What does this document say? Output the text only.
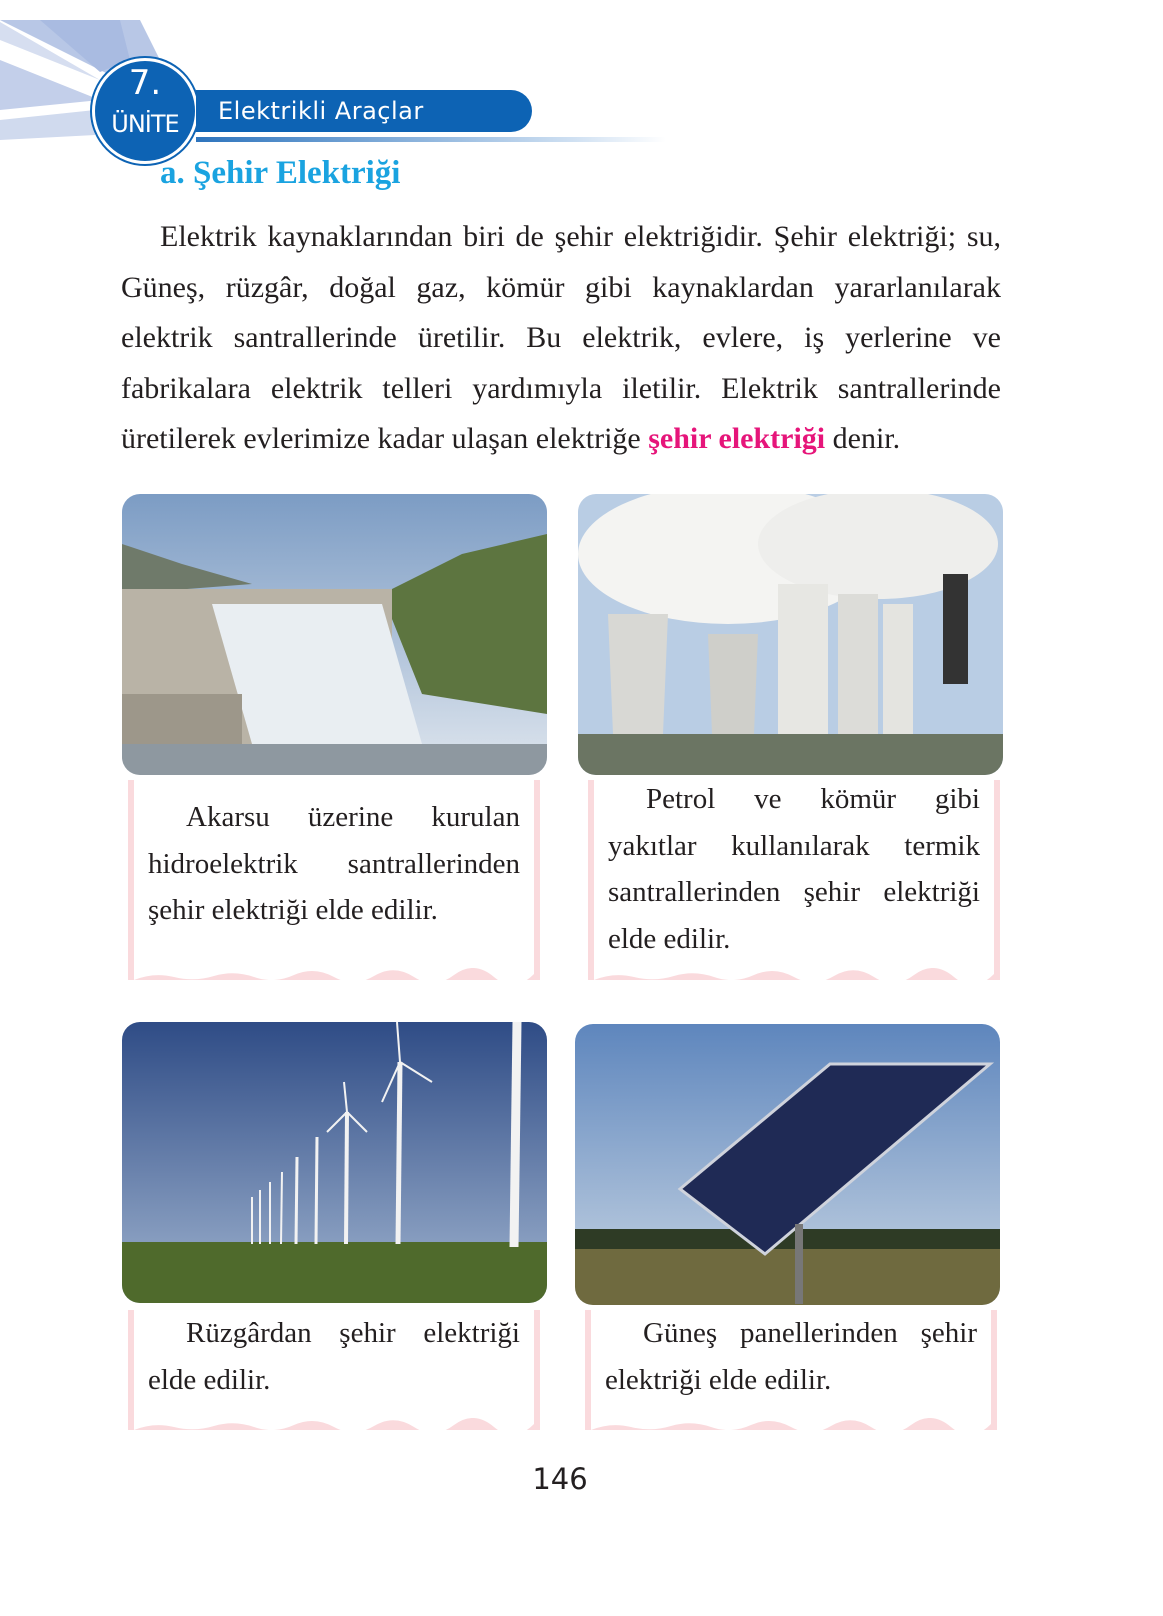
7.
ÜNİTE	Elektrikli Araçlar
a. Şehir Elektriği

Elektrik kaynaklarından biri de şehir elektriğidir. Şehir elektriği; su, Güneş, rüzgâr, doğal gaz, kömür gibi kaynaklardan yararlanılarak elektrik santrallerinde üretilir. Bu elektrik, evlere, iş yerlerine ve fabrikalara elektrik telleri yardımıyla iletilir. Elektrik santrallerinde üretilerek evlerimize kadar ulaşan elektriğe şehir elektriği denir.

Akarsu üzerine kurulan hidroelektrik santrallerinden şehir elektriği elde edilir.

Petrol ve kömür gibi yakıtlar kullanılarak termik santrallerinden şehir elektriği elde edilir.

Rüzgârdan şehir elektriği elde edilir.

Güneş panellerinden şehir elektriği elde edilir.

146
